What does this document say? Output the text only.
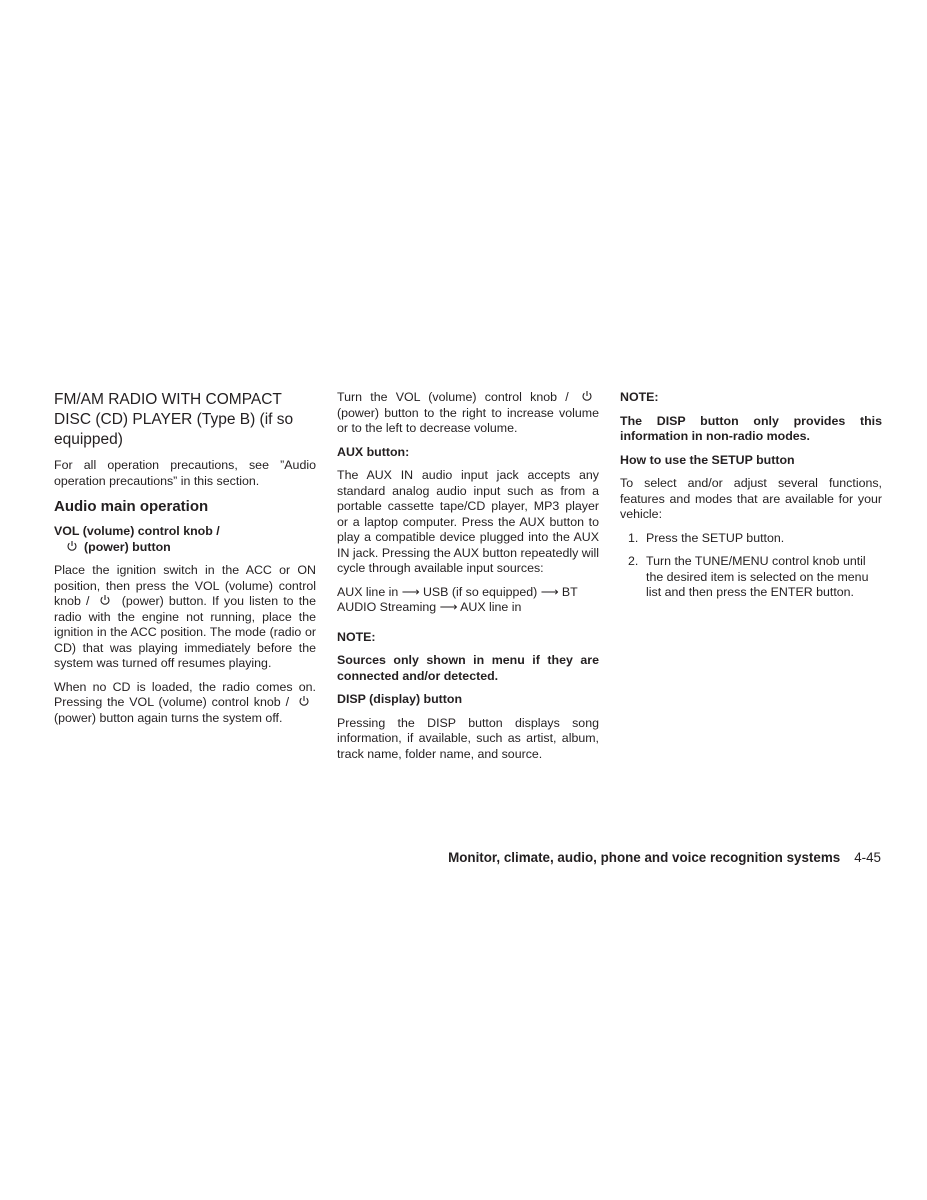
FM/AM RADIO WITH COMPACT DISC (CD) PLAYER (Type B) (if so equipped)

For all operation precautions, see ”Audio operation precautions” in this section.

Audio main operation
VOL (volume) control knob /
(power) button

Place the ignition switch in the ACC or ON position, then press the VOL (volume) control knob /	(power) button. If you listen to the radio with the engine not running, place the ignition in the ACC position. The mode (radio or CD) that was playing immediately before the system was turned off resumes playing.

When no CD is loaded, the radio comes on. Pressing the VOL (volume) control knob /
(power) button again turns the system off.

Turn the VOL (volume) control knob /
(power) button to the right to increase volume or to the left to decrease volume.

AUX button:

The AUX IN audio input jack accepts any standard analog audio input such as from a portable cassette tape/CD player, MP3 player or a laptop computer. Press the AUX button to play a compatible device plugged into the AUX IN jack. Pressing the AUX button repeatedly will cycle through available input sources:

AUX line in ⟶ USB (if so equipped) ⟶ BT AUDIO Streaming ⟶ AUX line in

NOTE:

Sources only shown in menu if they are connected and/or detected.

DISP (display) button

Pressing the DISP button displays song information, if available, such as artist, album, track name, folder name, and source.

NOTE:

The DISP button only provides this information in non-radio modes.

How to use the SETUP button

To select and/or adjust several functions, features and modes that are available for your vehicle:

1. Press the SETUP button.
2. Turn the TUNE/MENU control knob until the desired item is selected on the menu list and then press the ENTER button.
Monitor, climate, audio, phone and voice recognition systems 4-45
